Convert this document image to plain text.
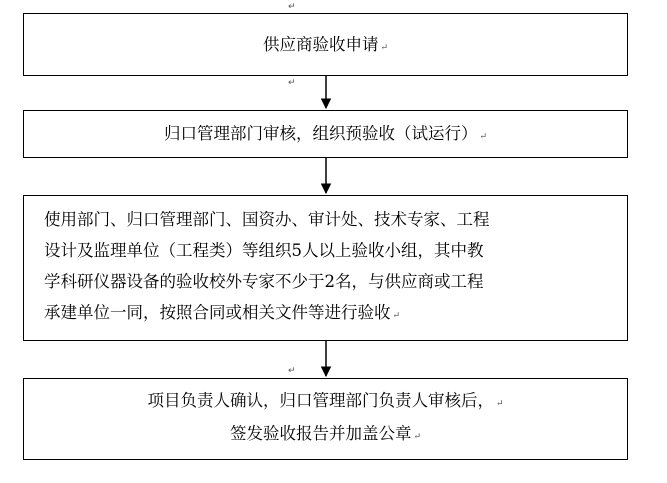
↵
↵
↵
供应商验收申请 ↵
归口管理部门审核，组织预验收（试运行） ↵
使用部门、归口管理部门、国资办、审计处、技术专家、工程
设计及监理单位（工程类）等组织5人以上验收小组，其中教
学科研仪器设备的验收校外专家不少于2名，与供应商或工程
承建单位一同，按照合同或相关文件等进行验收 ↵
项目负责人确认，归口管理部门负责人审核后， ↵
签发验收报告并加盖公章 ↵
